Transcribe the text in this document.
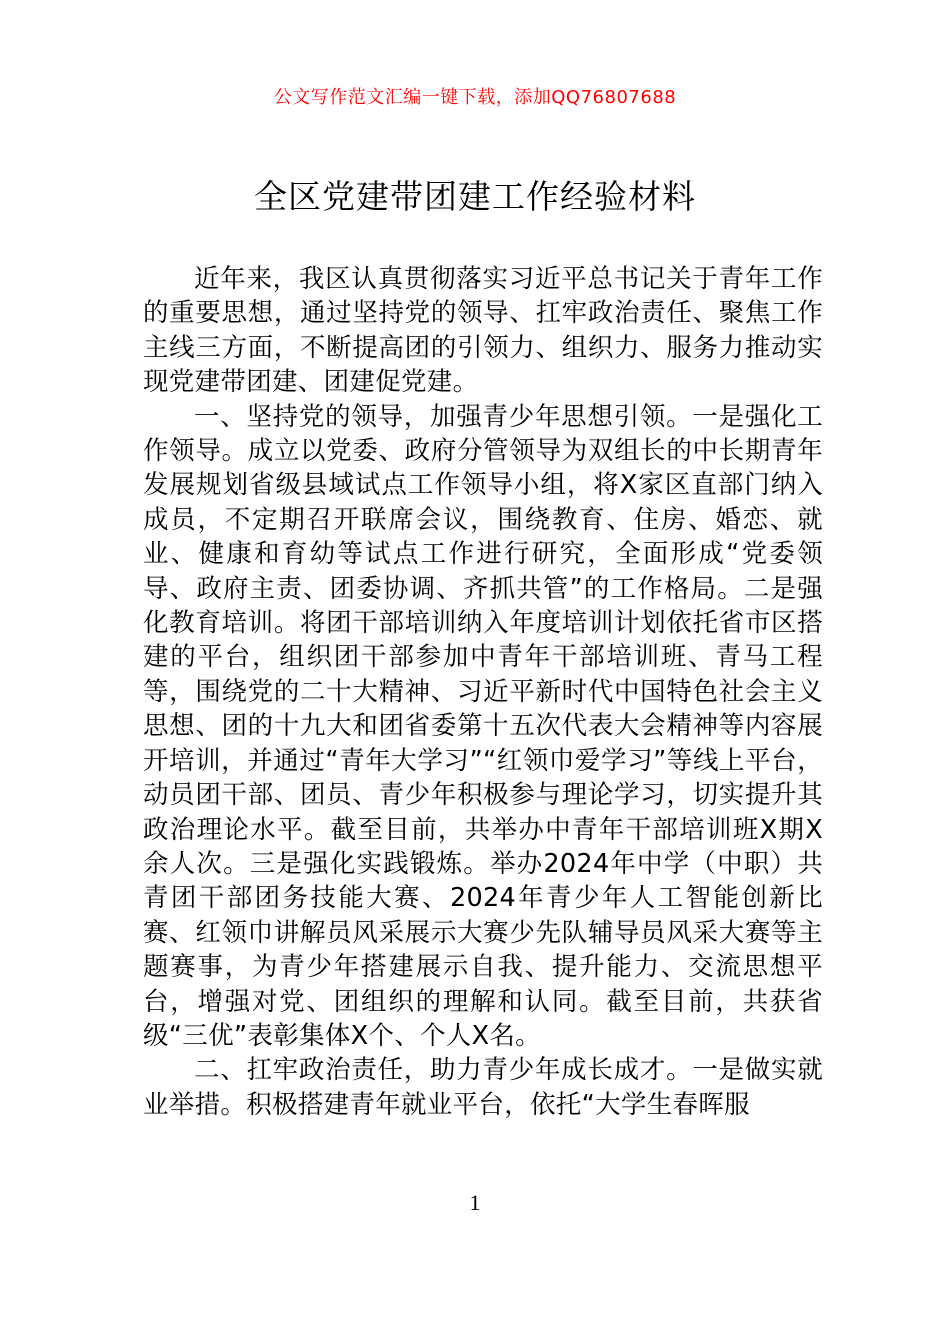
公文写作范文汇编一键下载，添加QQ76807688
全区党建带团建工作经验材料

近年来，我区认真贯彻落实习近平总书记关于青年工作的重要思想，通过坚持党的领导、扛牢政治责任、聚焦工作主线三方面，不断提高团的引领力、组织力、服务力推动实现党建带团建、团建促党建。

一、坚持党的领导，加强青少年思想引领。一是强化工作领导。成立以党委、政府分管领导为双组长的中长期青年发展规划省级县域试点工作领导小组，将X家区直部门纳入成员，不定期召开联席会议，围绕教育、住房、婚恋、就业、健康和育幼等试点工作进行研究，全面形成“党委领导、政府主责、团委协调、齐抓共管”的工作格局。二是强化教育培训。将团干部培训纳入年度培训计划依托省市区搭建的平台，组织团干部参加中青年干部培训班、青马工程等，围绕党的二十大精神、习近平新时代中国特色社会主义思想、团的十九大和团省委第十五次代表大会精神等内容展开培训，并通过“青年大学习”“红领巾爱学习”等线上平台，动员团干部、团员、青少年积极参与理论学习，切实提升其政治理论水平。截至目前，共举办中青年干部培训班X期X余人次。三是强化实践锻炼。举办2024年中学（中职）共青团干部团务技能大赛、2024年青少年人工智能创新比赛、红领巾讲解员风采展示大赛少先队辅导员风采大赛等主题赛事，为青少年搭建展示自我、提升能力、交流思想平台，增强对党、团组织的理解和认同。截至目前，共获省级“三优”表彰集体X个、个人X名。

二、扛牢政治责任，助力青少年成长成才。一是做实就业举措。积极搭建青年就业平台，依托“大学生春晖服

1
